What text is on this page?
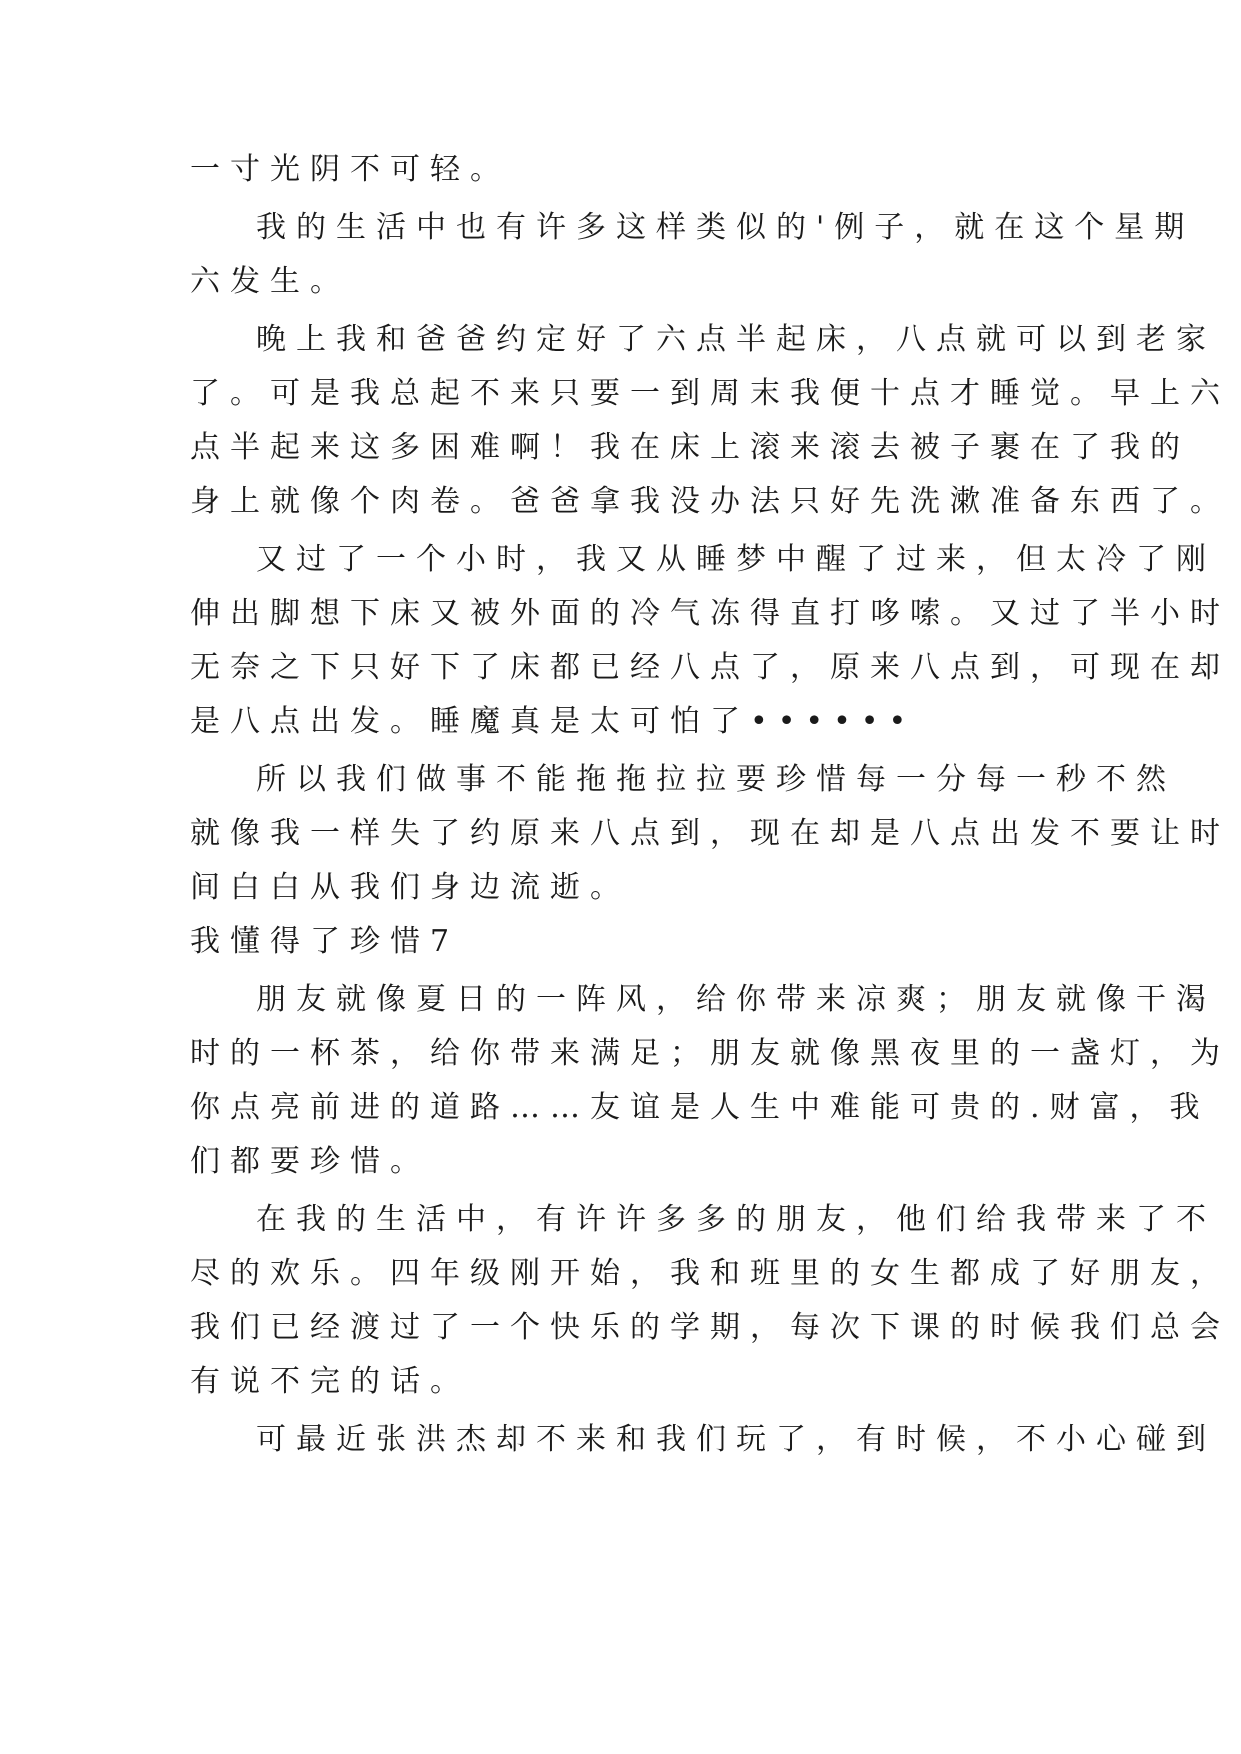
一寸光阴不可轻。
我的生活中也有许多这样类似的'例子，就在这个星期
六发生。
晚上我和爸爸约定好了六点半起床，八点就可以到老家
了。可是我总起不来只要一到周末我便十点才睡觉。早上六
点半起来这多困难啊！我在床上滚来滚去被子裹在了我的
身上就像个肉卷。爸爸拿我没办法只好先洗漱准备东西了。
又过了一个小时，我又从睡梦中醒了过来，但太冷了刚
伸出脚想下床又被外面的冷气冻得直打哆嗦。又过了半小时
无奈之下只好下了床都已经八点了，原来八点到，可现在却
是八点出发。睡魔真是太可怕了••••••
所以我们做事不能拖拖拉拉要珍惜每一分每一秒不然
就像我一样失了约原来八点到，现在却是八点出发不要让时
间白白从我们身边流逝。
我懂得了珍惜7
朋友就像夏日的一阵风，给你带来凉爽；朋友就像干渴
时的一杯茶，给你带来满足；朋友就像黑夜里的一盏灯，为
你点亮前进的道路……友谊是人生中难能可贵的.财富，我
们都要珍惜。
在我的生活中，有许许多多的朋友，他们给我带来了不
尽的欢乐。四年级刚开始，我和班里的女生都成了好朋友，
我们已经渡过了一个快乐的学期，每次下课的时候我们总会
有说不完的话。
可最近张洪杰却不来和我们玩了，有时候，不小心碰到
